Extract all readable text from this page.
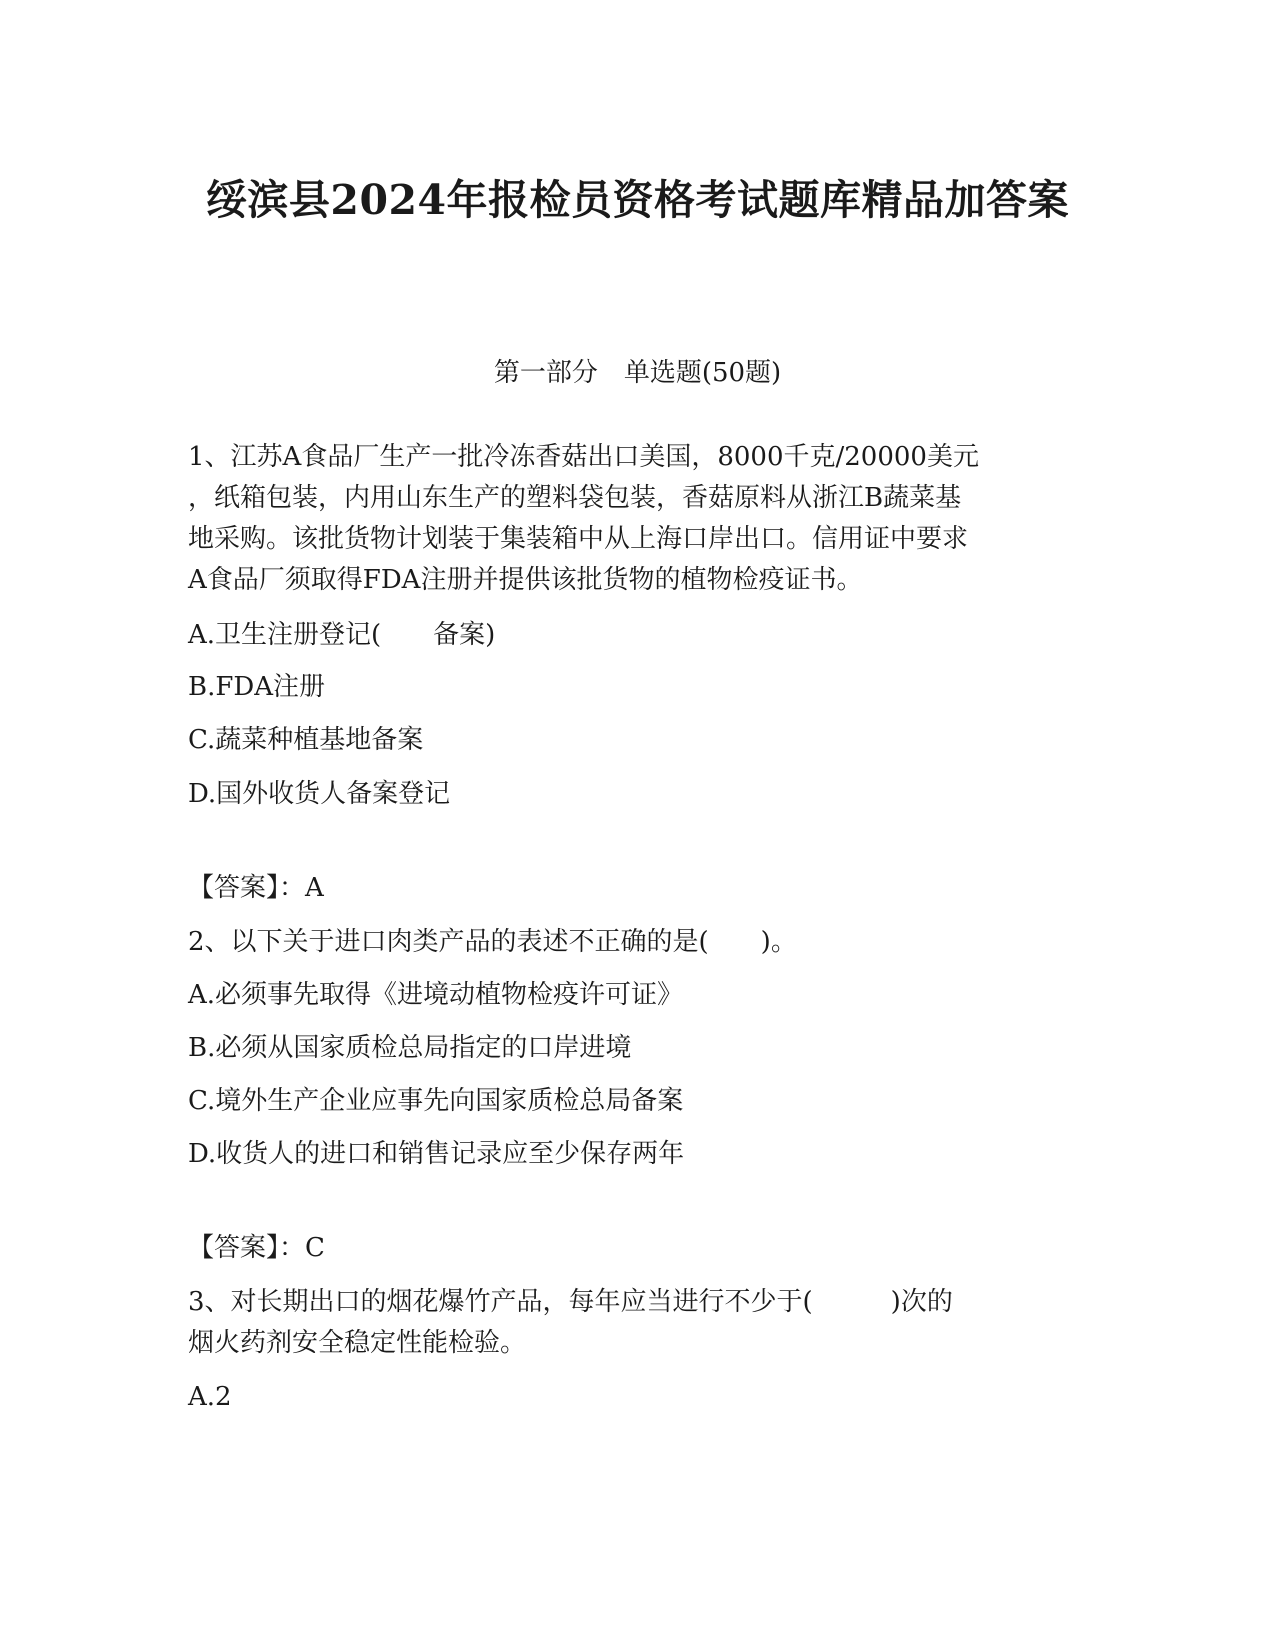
绥滨县2024年报检员资格考试题库精品加答案
第一部分　单选题(50题)
1、江苏A食品厂生产一批冷冻香菇出口美国，8000千克/20000美元
，纸箱包装，内用山东生产的塑料袋包装，香菇原料从浙江B蔬菜基
地采购。该批货物计划装于集装箱中从上海口岸出口。信用证中要求
A食品厂须取得FDA注册并提供该批货物的植物检疫证书。
A.卫生注册登记(　　备案)
B.FDA注册
C.蔬菜种植基地备案
D.国外收货人备案登记
【答案】：A
2、以下关于进口肉类产品的表述不正确的是(　　)。
A.必须事先取得《进境动植物检疫许可证》
B.必须从国家质检总局指定的口岸进境
C.境外生产企业应事先向国家质检总局备案
D.收货人的进口和销售记录应至少保存两年
【答案】：C
3、对长期出口的烟花爆竹产品，每年应当进行不少于(　　　)次的
烟火药剂安全稳定性能检验。
A.2
